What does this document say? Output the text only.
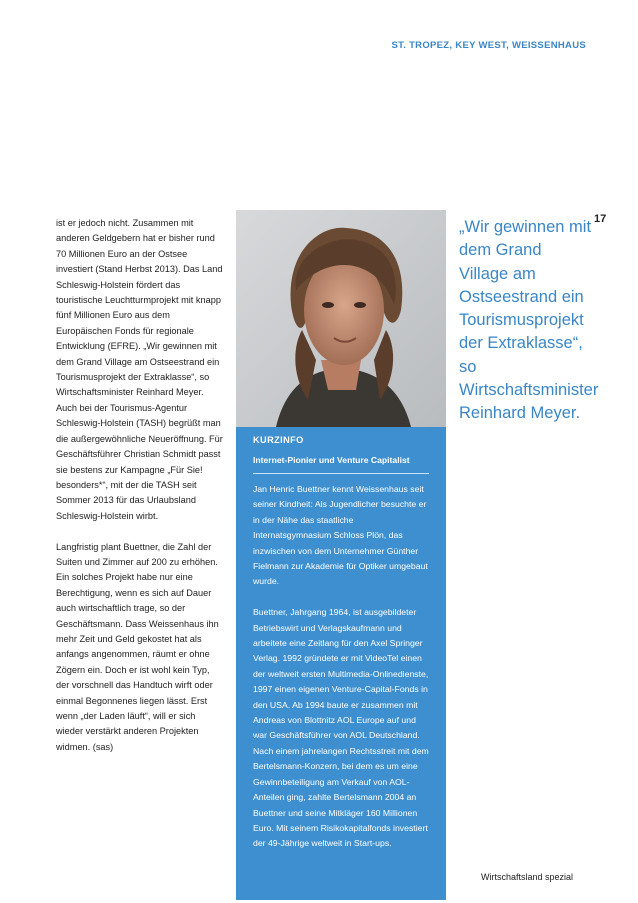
ST. TROPEZ, KEY WEST, WEISSENHAUS
17

ist er jedoch nicht. Zusammen mit anderen Geldgebern hat er bisher rund 70 Millionen Euro an der Ostsee investiert (Stand Herbst 2013). Das Land Schleswig-Holstein fördert das touristische Leuchtturmprojekt mit knapp fünf Millionen Euro aus dem Europäischen Fonds für regionale Entwicklung (EFRE). „Wir gewinnen mit dem Grand Village am Ostseestrand ein Tourismusprojekt der Extraklasse“, so Wirtschaftsminister Reinhard Meyer. Auch bei der Tourismus-Agentur Schleswig-Holstein (TASH) begrüßt man die außergewöhnliche Neueröffnung. Für Geschäftsführer Christian Schmidt passt sie bestens zur Kampagne „Für Sie! besonders*“, mit der die TASH seit Sommer 2013 für das Urlaubsland Schleswig-Holstein wirbt.

Langfristig plant Buettner, die Zahl der Suiten und Zimmer auf 200 zu erhöhen. Ein solches Projekt habe nur eine Berechtigung, wenn es sich auf Dauer auch wirtschaftlich trage, so der Geschäftsmann. Dass Weissenhaus ihn mehr Zeit und Geld gekostet hat als anfangs angenommen, räumt er ohne Zögern ein. Doch er ist wohl kein Typ, der vorschnell das Handtuch wirft oder einmal Begonnenes liegen lässt. Erst wenn „der Laden läuft“, will er sich wieder verstärkt anderen Projekten widmen. (sas)

KURZINFO
Internet-Pionier und Venture Capitalist

Jan Henric Buettner kennt Weissenhaus seit seiner Kindheit: Als Jugendlicher besuchte er in der Nähe das staatliche Internatsgymnasium Schloss Plön, das inzwischen von dem Unternehmer Günther Fielmann zur Akademie für Optiker umgebaut wurde.

Buettner, Jahrgang 1964, ist ausgebildeter Betriebswirt und Verlagskaufmann und arbeitete eine Zeitlang für den Axel Springer Verlag. 1992 gründete er mit VideoTel einen der weltweit ersten Multimedia-Onlinedienste, 1997 einen eigenen Venture-Capital-Fonds in den USA. Ab 1994 baute er zusammen mit Andreas von Blottnitz AOL Europe auf und war Geschäftsführer von AOL Deutschland. Nach einem jahrelangen Rechtsstreit mit dem Bertelsmann-Konzern, bei dem es um eine Gewinnbeteiligung am Verkauf von AOL-Anteilen ging, zahlte Bertelsmann 2004 an Buettner und seine Mitkläger 160 Millionen Euro. Mit seinem Risikokapitalfonds investiert der 49-Jährige weltweit in Start-ups.

„Wir gewinnen mit dem Grand Village am Ostseestrand ein Tourismusprojekt der Extraklasse“, so Wirtschaftsminister Reinhard Meyer.
Wirtschaftsland spezial
